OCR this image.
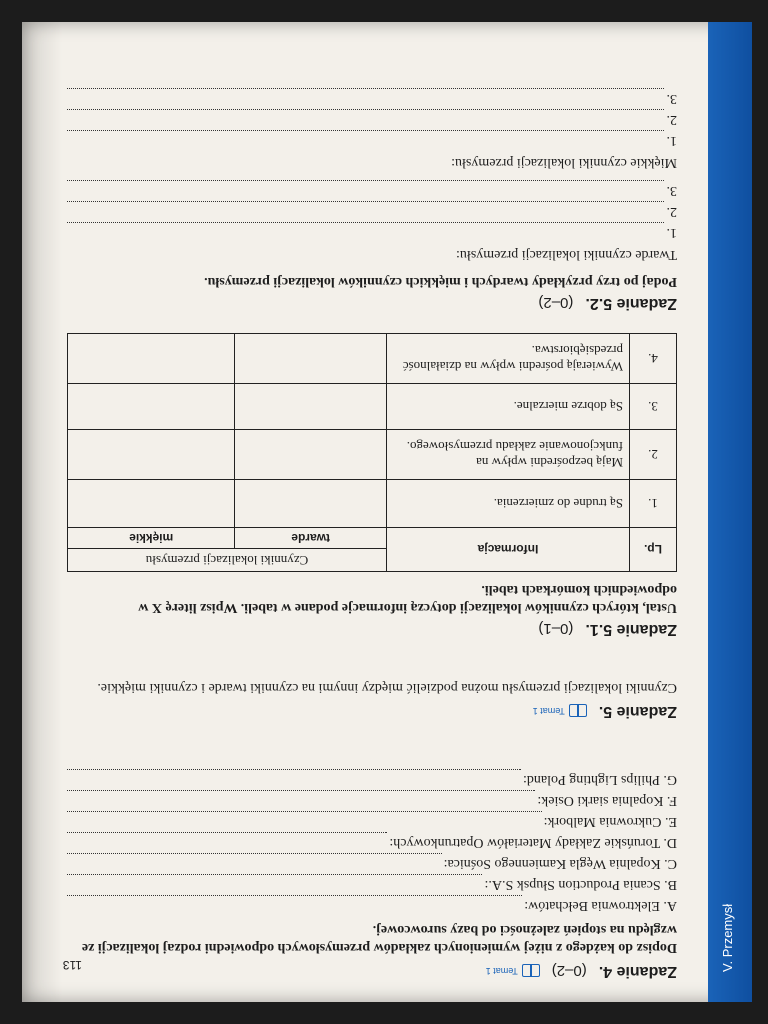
V. Przemysł
113	Zadanie 4.
(0–2)
Temat 1

Dopisz do każdego z niżej wymienionych zakładów przemysłowych odpowiedni rodzaj lokalizacji ze względu na stopień zależności od bazy surowcowej.

A. Elektrownia Bełchatów:
B. Scania Production Słupsk S.A.:
C. Kopalnia Węgla Kamiennego Sośnica:
D. Toruńskie Zakłady Materiałów Opatrunkowych:
E. Cukrownia Malbork:
F. Kopalnia siarki Osiek:
G. Philips Lighting Poland:
Zadanie 5.
Temat 1

Czynniki lokalizacji przemysłu można podzielić między innymi na czynniki twarde i czynniki miękkie.

Zadanie 5.1.
(0–1)

Ustal, których czynników lokalizacji dotyczą informacje podane w tabeli. Wpisz literę X w odpowiednich komórkach tabeli.

Lp.	Informacja	Czynniki lokalizacji przemysłu	
		twarde	miękkie
1.	Są trudne do zmierzenia.		
2.	Mają bezpośredni wpływ na funkcjonowanie zakładu przemysłowego.		
3.	Są dobrze mierzalne.		
4.	Wywierają pośredni wpływ na działalność przedsiębiorstwa.		
Zadanie 5.2.
(0–2)

Podaj po trzy przykłady twardych i miękkich czynników lokalizacji przemysłu.

Twarde czynniki lokalizacji przemysłu:

1.
2.
3.

Miękkie czynniki lokalizacji przemysłu:

1.
2.
3.
